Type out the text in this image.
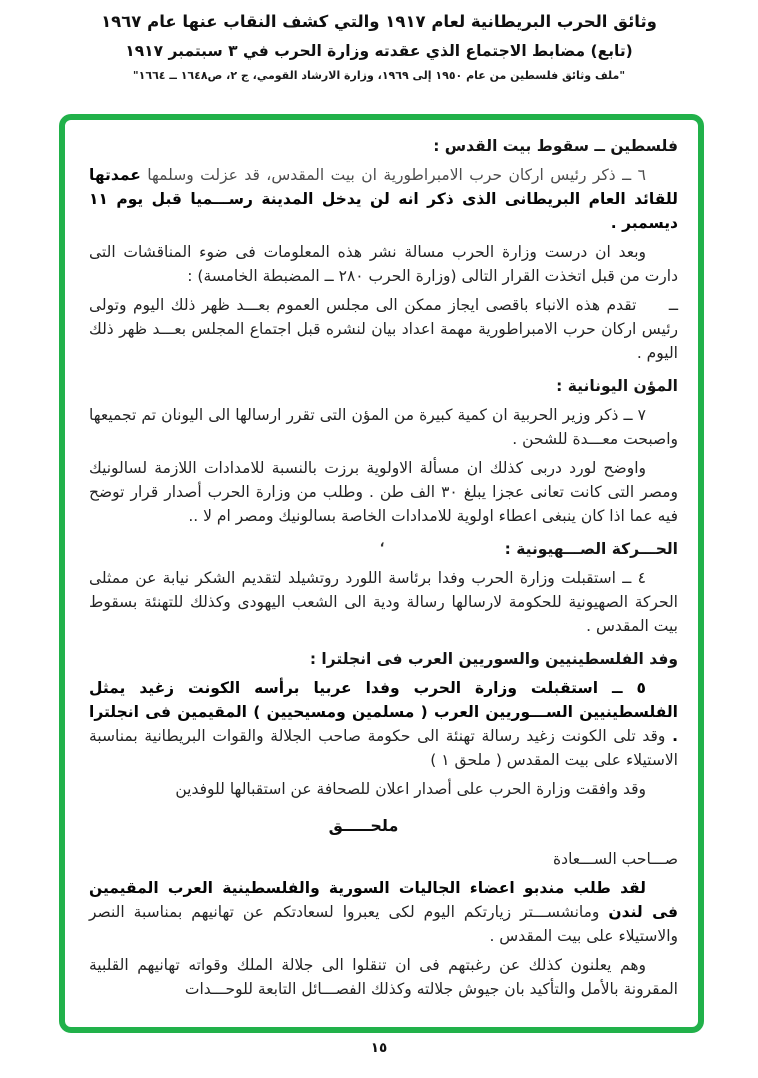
وثائق الحرب البريطانية لعام ١٩١٧ والتي كشف النقاب عنها عام ١٩٦٧
(تابع) مضابط الاجتماع الذي عقدته وزارة الحرب في ٣ سبتمبر ١٩١٧
"ملف وثائق فلسطين من عام ١٩٥٠ إلى ١٩٦٩، وزارة الارشاد القومي، ج ٢، ص١٦٤٨ ــ ١٦٦٤"
فلسطين ــ سقوط بيت القدس :

٦ ــ ذكر رئيس اركان حرب الامبراطورية ان بيت المقدس، قد عزلت وسلمها عمدتها للقائد العام البريطانى الذى ذكر انه لن يدخل المدينة رســـميا قبل يوم ١١ ديسمبر .

وبعد ان درست وزارة الحرب مسالة نشر هذه المعلومات فى ضوء المناقشات التى دارت من قبل اتخذت القرار التالى (وزارة الحرب ٢٨٠ ــ المضبطة الخامسة) :

ــ     تقدم هذه الانباء باقصى ايجاز ممكن الى مجلس العموم بعـــد ظهر ذلك اليوم وتولى رئيس اركان حرب الامبراطورية مهمة اعداد بيان لنشره قبل اجتماع المجلس بعـــد ظهر ذلك اليوم .

المؤن اليونانية :

٧ ــ ذكر وزير الحربية ان كمية كبيرة من المؤن التى تقرر ارسالها الى اليونان تم تجميعها واصبحت معـــدة للشحن .

واوضح لورد دربى كذلك ان مسألة الاولوية برزت بالنسبة للامدادات اللازمة لسالونيك ومصر التى كانت تعانى عجزا يبلغ ٣٠ الف طن . وطلب من وزارة الحرب أصدار قرار توضح فيه عما اذا كان ينبغى اعطاء اولوية للامدادات الخاصة بسالونيك ومصر ام لا ..

الحـــركة الصـــهيونية :ʻ

٤ ــ استقبلت وزارة الحرب وفدا برئاسة اللورد روتشيلد لتقديم الشكر نيابة عن ممثلى الحركة الصهيونية للحكومة لارسالها رسالة ودية الى الشعب اليهودى وكذلك للتهنئة بسقوط بيت المقدس .

وفد الفلسطينيين والسوريين العرب فى انجلترا :

٥ ــ استقبلت وزارة الحرب وفدا عربيا برأسه الكونت زغيد يمثل الفلسطينيين الســـوريين العرب ( مسلمين ومسيحيين ) المقيمين فى انجلترا . وقد تلى الكونت زغيد رسالة تهنئة الى حكومة صاحب الجلالة والقوات البريطانية بمناسبة الاستيلاء على بيت المقدس ( ملحق ١ )

وقد وافقت وزارة الحرب على أصدار اعلان للصحافة عن استقبالها للوفدين

ملحـــــق

صـــاحب الســـعادة

لقد طلب مندبو اعضاء الجاليات السورية والفلسطينية العرب المقيمين فى لندن ومانشســـتر زيارتكم اليوم لكى يعبروا لسعادتكم عن تهانيهم بمناسبة النصر والاستيلاء على بيت المقدس .

وهم يعلنون كذلك عن رغبتهم فى ان تنقلوا الى جلالة الملك وقواته تهانيهم القلبية المقرونة بالأمل والتأكيد بان جيوش جلالته وكذلك الفصـــائل التابعة للوحـــدات

١٥
